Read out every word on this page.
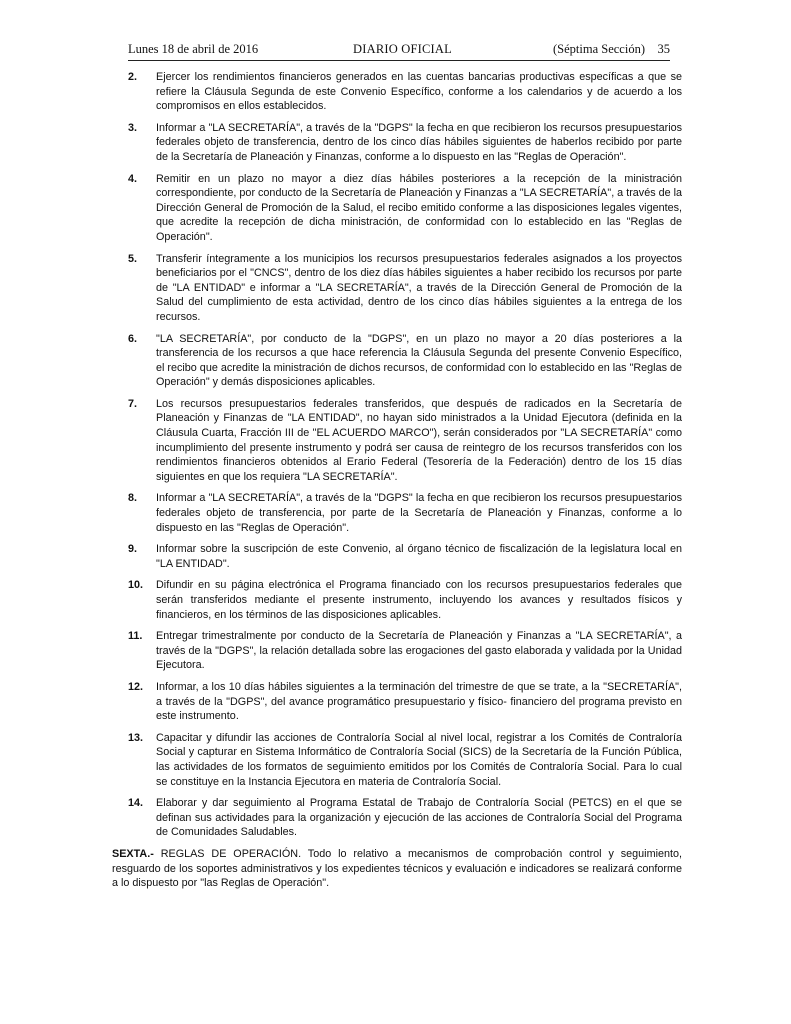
Lunes 18 de abril de 2016	DIARIO OFICIAL	(Séptima Sección) 35
2. Ejercer los rendimientos financieros generados en las cuentas bancarias productivas específicas a que se refiere la Cláusula Segunda de este Convenio Específico, conforme a los calendarios y de acuerdo a los compromisos en ellos establecidos.
3. Informar a "LA SECRETARÍA", a través de la "DGPS" la fecha en que recibieron los recursos presupuestarios federales objeto de transferencia, dentro de los cinco días hábiles siguientes de haberlos recibido por parte de la Secretaría de Planeación y Finanzas, conforme a lo dispuesto en las "Reglas de Operación".
4. Remitir en un plazo no mayor a diez días hábiles posteriores a la recepción de la ministración correspondiente, por conducto de la Secretaría de Planeación y Finanzas a "LA SECRETARÍA", a través de la Dirección General de Promoción de la Salud, el recibo emitido conforme a las disposiciones legales vigentes, que acredite la recepción de dicha ministración, de conformidad con lo establecido en las "Reglas de Operación".
5. Transferir íntegramente a los municipios los recursos presupuestarios federales asignados a los proyectos beneficiarios por el "CNCS", dentro de los diez días hábiles siguientes a haber recibido los recursos por parte de "LA ENTIDAD" e informar a "LA SECRETARÍA", a través de la Dirección General de Promoción de la Salud del cumplimiento de esta actividad, dentro de los cinco días hábiles siguientes a la entrega de los recursos.
6. "LA SECRETARÍA", por conducto de la "DGPS", en un plazo no mayor a 20 días posteriores a la transferencia de los recursos a que hace referencia la Cláusula Segunda del presente Convenio Específico, el recibo que acredite la ministración de dichos recursos, de conformidad con lo establecido en las "Reglas de Operación" y demás disposiciones aplicables.
7. Los recursos presupuestarios federales transferidos, que después de radicados en la Secretaría de Planeación y Finanzas de "LA ENTIDAD", no hayan sido ministrados a la Unidad Ejecutora (definida en la Cláusula Cuarta, Fracción III de "EL ACUERDO MARCO"), serán considerados por "LA SECRETARÍA" como incumplimiento del presente instrumento y podrá ser causa de reintegro de los recursos transferidos con los rendimientos financieros obtenidos al Erario Federal (Tesorería de la Federación) dentro de los 15 días siguientes en que los requiera "LA SECRETARÍA".
8. Informar a "LA SECRETARÍA", a través de la "DGPS" la fecha en que recibieron los recursos presupuestarios federales objeto de transferencia, por parte de la Secretaría de Planeación y Finanzas, conforme a lo dispuesto en las "Reglas de Operación".
9. Informar sobre la suscripción de este Convenio, al órgano técnico de fiscalización de la legislatura local en "LA ENTIDAD".
10. Difundir en su página electrónica el Programa financiado con los recursos presupuestarios federales que serán transferidos mediante el presente instrumento, incluyendo los avances y resultados físicos y financieros, en los términos de las disposiciones aplicables.
11. Entregar trimestralmente por conducto de la Secretaría de Planeación y Finanzas a "LA SECRETARÍA", a través de la "DGPS", la relación detallada sobre las erogaciones del gasto elaborada y validada por la Unidad Ejecutora.
12. Informar, a los 10 días hábiles siguientes a la terminación del trimestre de que se trate, a la "SECRETARÍA", a través de la "DGPS", del avance programático presupuestario y físico- financiero del programa previsto en este instrumento.
13. Capacitar y difundir las acciones de Contraloría Social al nivel local, registrar a los Comités de Contraloría Social y capturar en Sistema Informático de Contraloría Social (SICS) de la Secretaría de la Función Pública, las actividades de los formatos de seguimiento emitidos por los Comités de Contraloría Social. Para lo cual se constituye en la Instancia Ejecutora en materia de Contraloría Social.
14. Elaborar y dar seguimiento al Programa Estatal de Trabajo de Contraloría Social (PETCS) en el que se definan sus actividades para la organización y ejecución de las acciones de Contraloría Social del Programa de Comunidades Saludables.

SEXTA.- REGLAS DE OPERACIÓN. Todo lo relativo a mecanismos de comprobación control y seguimiento, resguardo de los soportes administrativos y los expedientes técnicos y evaluación e indicadores se realizará conforme a lo dispuesto por "las Reglas de Operación".
